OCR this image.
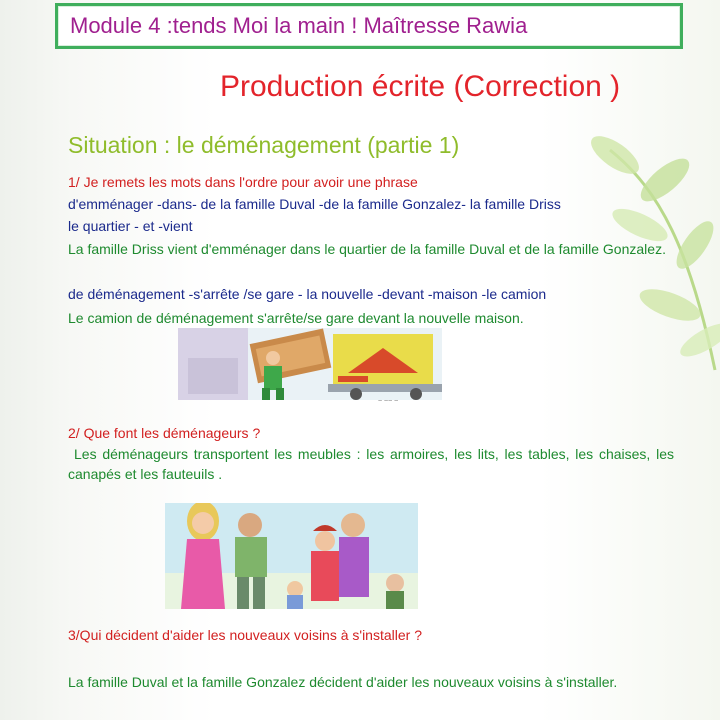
Module 4 :tends Moi la main ! Maîtresse Rawia
Production écrite (Correction )
Situation : le déménagement (partie 1)
1/ Je remets les mots dans l'ordre pour avoir une phrase
d'emménager -dans- de la famille Duval -de la famille Gonzalez- la famille Driss
le quartier - et -vient
La famille Driss vient d'emménager dans le quartier de la famille Duval et de la famille Gonzalez.
de déménagement -s'arrête /se gare - la nouvelle -devant -maison -le camion
Le camion de déménagement s'arrête/se gare devant la nouvelle maison.
~ ~~ ~
2/ Que font les déménageurs ?
Les déménageurs transportent les meubles : les armoires, les lits, les tables, les chaises, les canapés et les fauteuils .
3/Qui décident d'aider les nouveaux voisins à s'installer ?
La famille Duval et la famille Gonzalez décident d'aider les nouveaux voisins à s'installer.
